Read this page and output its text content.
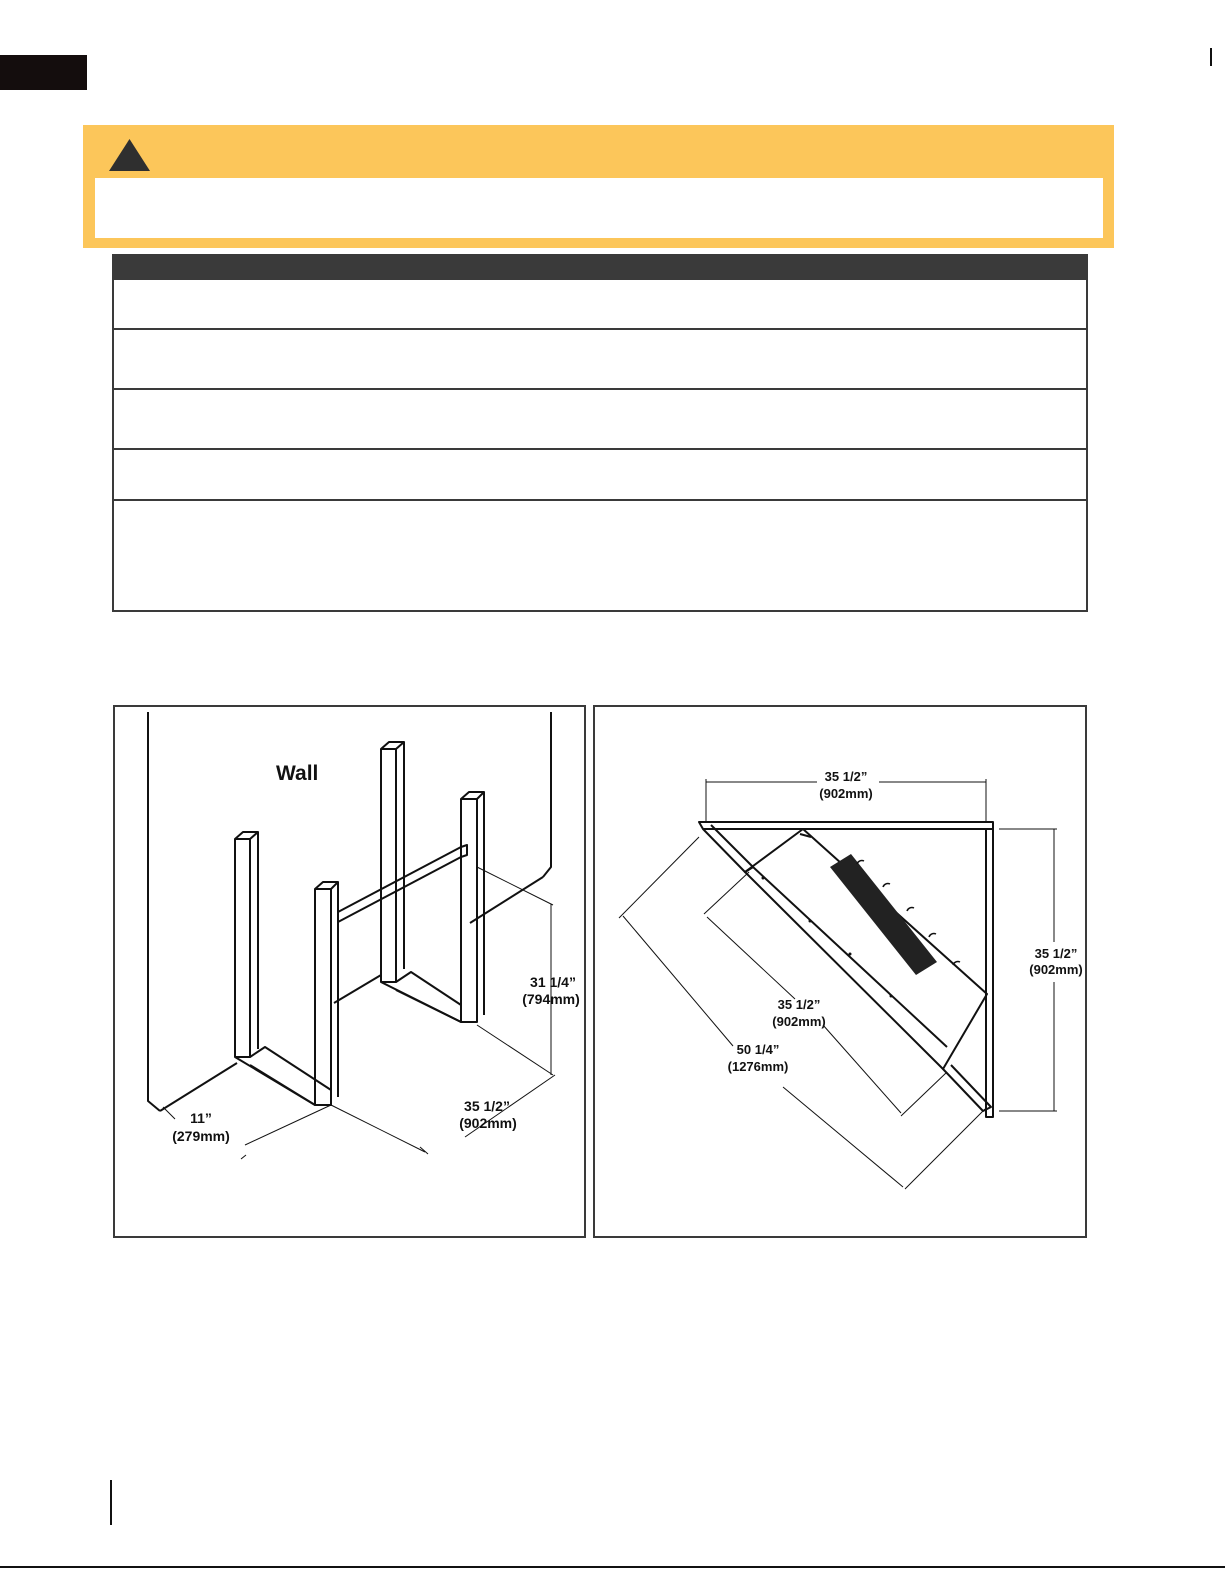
Wall
31 1/4”
(794mm)
35 1/2”
(902mm)
11”
(279mm)
35 1/2”
(902mm)
35 1/2”
(902mm)
35 1/2”
(902mm)
50 1/4”
(1276mm)
